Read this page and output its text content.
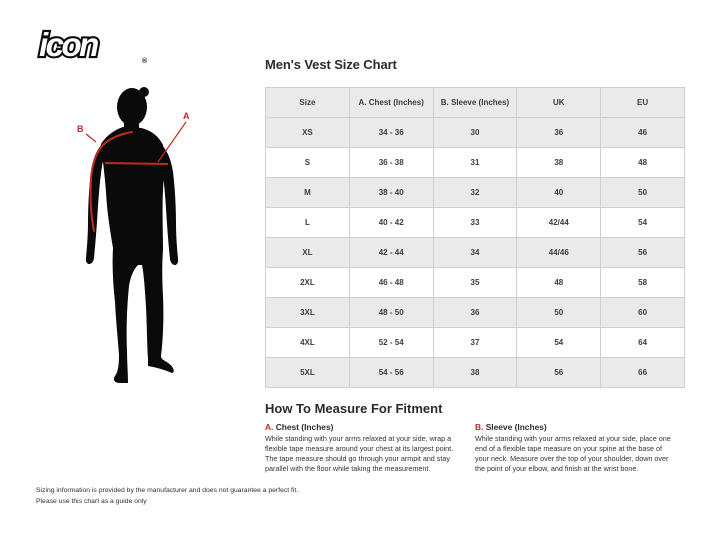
icon	®
A
B
Men's Vest Size Chart
Size	A. Chest (Inches)	B. Sleeve (Inches)	UK	EU
XS	34 - 36	30	36	46
S	36 - 38	31	38	48
M	38 - 40	32	40	50
L	40 - 42	33	42/44	54
XL	42 - 44	34	44/46	56
2XL	46 - 48	35	48	58
3XL	48 - 50	36	50	60
4XL	52 - 54	37	54	64
5XL	54 - 56	38	56	66
How To Measure For Fitment
A. Chest (Inches)

While standing with your arms relaxed at your side, wrap a flexible tape measure around your chest at its largest point. The tape measure should go through your armpit and stay parallel with the floor while taking the measurement.

B. Sleeve (Inches)

While standing with your arms relaxed at your side, place one end of a flexible tape measure on your spine at the base of your neck. Measure over the top of your shoulder, down over the point of your elbow, and finish at the wrist bone.

Sizing information is provided by the manufacturer and does not guarantee a perfect fit.
Please use this chart as a guide only
